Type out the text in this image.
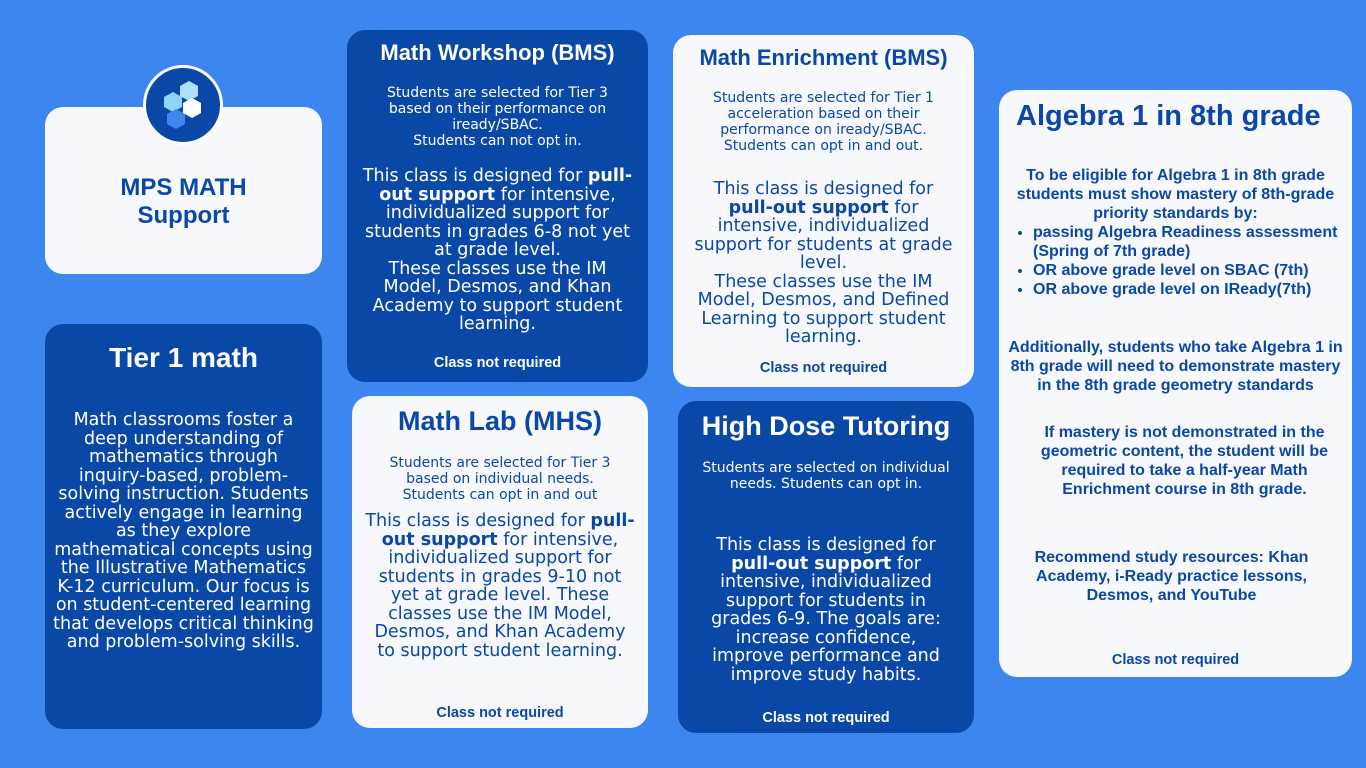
MPS MATH
Support
Tier 1 math
Math classrooms foster a deep understanding of mathematics through inquiry-based, problem-solving instruction. Students actively engage in learning as they explore mathematical concepts using the Illustrative Mathematics K-12 curriculum. Our focus is on student-centered learning that develops critical thinking and problem-solving skills.
Math Workshop (BMS)
Students are selected for Tier 3 based on their performance on iready/SBAC.
Students can not opt in.
This class is designed for pull-out support for intensive, individualized support for students in grades 6-8 not yet at grade level.
These classes use the IM Model, Desmos, and Khan Academy to support student learning.
Class not required
Math Enrichment (BMS)
Students are selected for Tier 1 acceleration based on their performance on iready/SBAC.
Students can opt in and out.
This class is designed for pull-out support for intensive, individualized support for students at grade level.
These classes use the IM Model, Desmos, and Defined Learning to support student learning.
Class not required
Math Lab (MHS)
Students are selected for Tier 3 based on individual needs.
Students can opt in and out
This class is designed for pull-out support for intensive, individualized support for students in grades 9-10 not yet at grade level. These classes use the IM Model, Desmos, and Khan Academy to support student learning.
Class not required
High Dose Tutoring
Students are selected on individual needs. Students can opt in.
This class is designed for pull-out support for intensive, individualized support for students in grades 6-9. The goals are: increase confidence, improve performance and improve study habits.
Class not required
Algebra 1 in 8th grade
To be eligible for Algebra 1 in 8th grade students must show mastery of 8th-grade priority standards by:
• passing Algebra Readiness assessment (Spring of 7th grade)
• OR above grade level on SBAC (7th)
• OR above grade level on IReady(7th)
Additionally, students who take Algebra 1 in 8th grade will need to demonstrate mastery in the 8th grade geometry standards
If mastery is not demonstrated in the geometric content, the student will be required to take a half-year Math Enrichment course in 8th grade.
Recommend study resources: Khan Academy, i-Ready practice lessons, Desmos, and YouTube
Class not required
